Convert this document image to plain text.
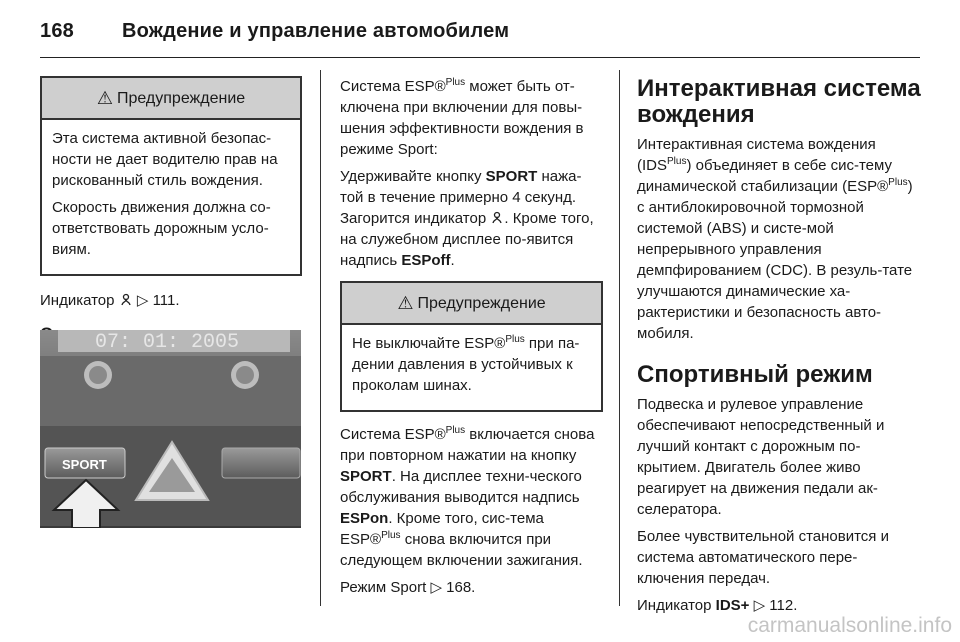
168 Вождение и управление автомобилем
⚠ Предупреждение

Эта система активной безопас-ности не дает водителю прав на рискованный стиль вождения.

Скорость движения должна со-ответствовать дорожным усло-виям.

Индикатор ▷ 111.

07: 01: 2005
SPORT

Система ESP®$^{Plus}$ может быть от-ключена при включении для повы-шения эффективности вождения в режиме Sport:

Удерживайте кнопку SPORT нажа-той в течение примерно 4 секунд. Загорится индикатор . Кроме того, на служебном дисплее по-явится надпись ESPoff.

⚠ Предупреждение

Не выключайте ESP®$^{Plus}$ при па-дении давления в устойчивых к проколам шинах.

Система ESP®$^{Plus}$ включается снова при повторном нажатии на кнопку SPORT. На дисплее техни-ческого обслуживания выводится надпись ESPon. Кроме того, сис-тема ESP®$^{Plus}$ снова включится при следующем включении зажигания.

Режим Sport ▷ 168.

Интерактивная система вождения

Интерактивная система вождения $(IDS^{Plus})$ объединяет в себе сис-тему динамической стабилизации (ESP®$^{Plus}$) с антиблокировочной тормозной системой (ABS) и систе-мой непрерывного управления демпфированием (CDC). В резуль-тате улучшаются динамические ха-рактеристики и безопасность авто-мобиля.

Спортивный режим

Подвеска и рулевое управление обеспечивают непосредственный и лучший контакт с дорожным по-крытием. Двигатель более живо реагирует на движения педали ак-селератора.

Более чувствительной становится и система автоматического пере-ключения передач.

Индикатор IDS+ ▷ 112.

carmanualsonline.info
